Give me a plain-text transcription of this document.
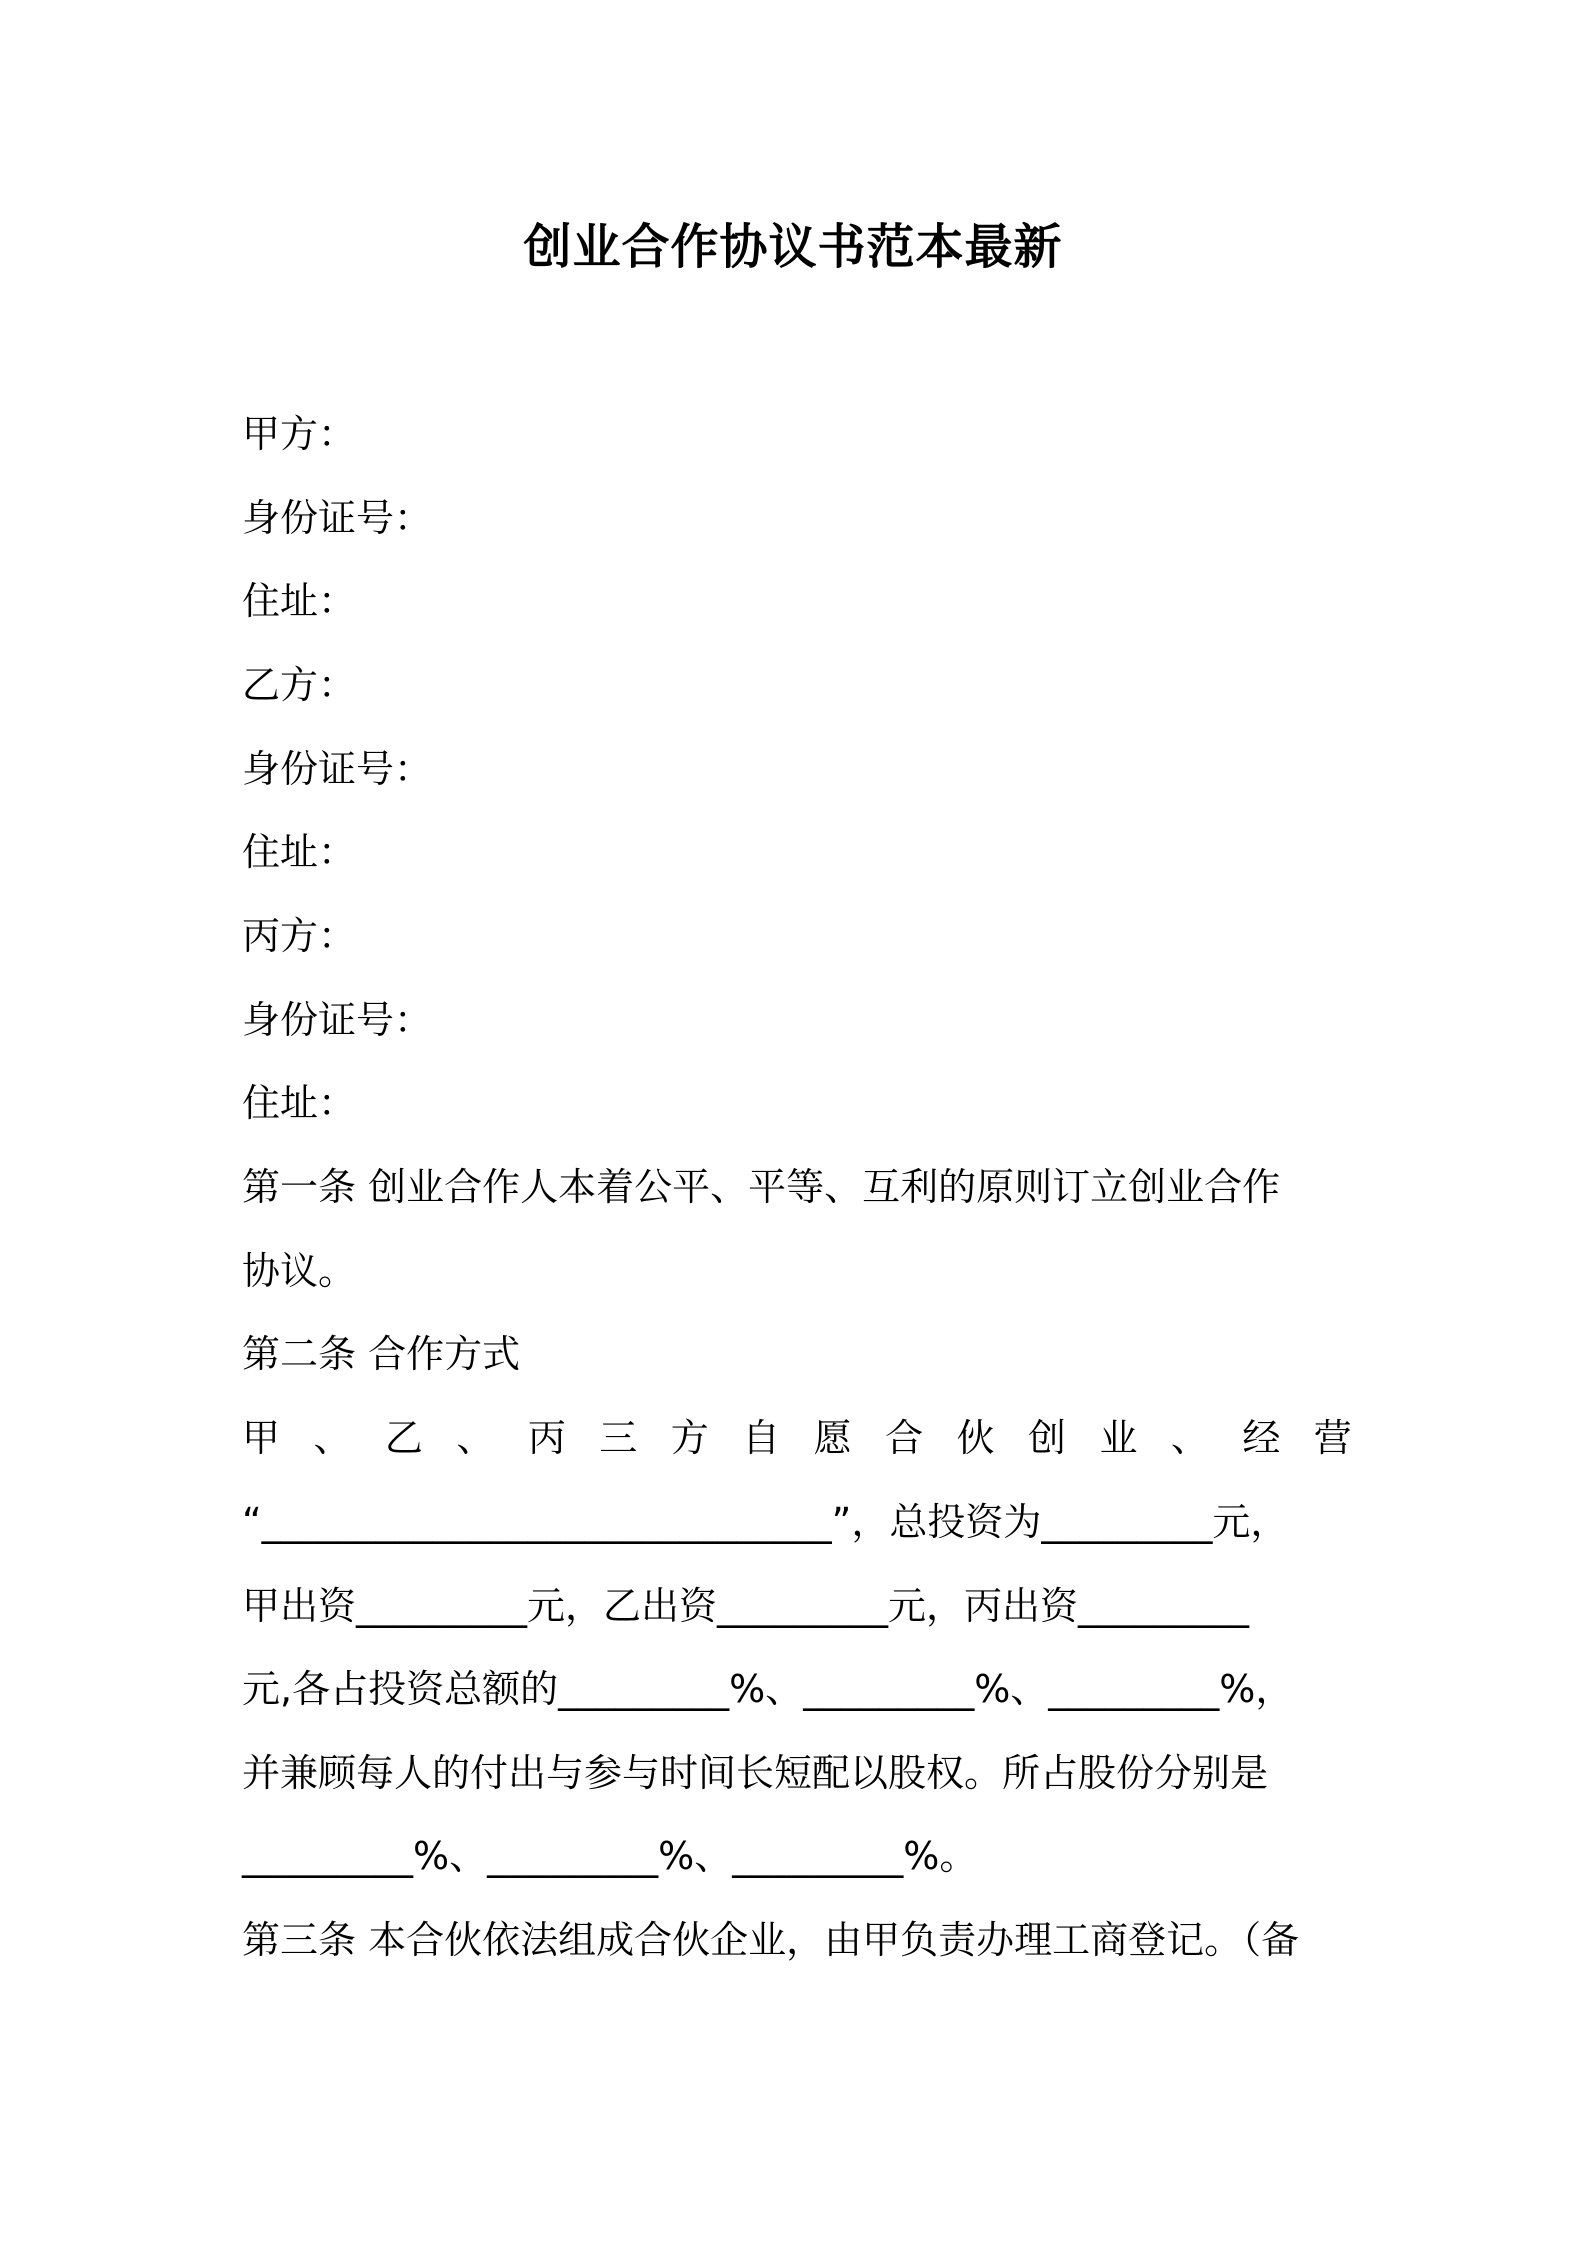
创业合作协议书范本最新
甲方：
身份证号：
住址：
乙方：
身份证号：
住址：
丙方：
身份证号：
住址：
第一条 创业合作人本着公平、平等、互利的原则订立创业合作
协议。
第二条 合作方式
甲 、 乙 、 丙 三 方 自 愿 合 伙 创 业 、 经 营
“______________________________”，总投资为_________元，
甲出资_________元，乙出资_________元，丙出资_________
元,各占投资总额的_________%、_________%、_________%，
并兼顾每人的付出与参与时间长短配以股权。所占股份分别是
_________%、_________%、_________%。
第三条 本合伙依法组成合伙企业，由甲负责办理工商登记。（备
